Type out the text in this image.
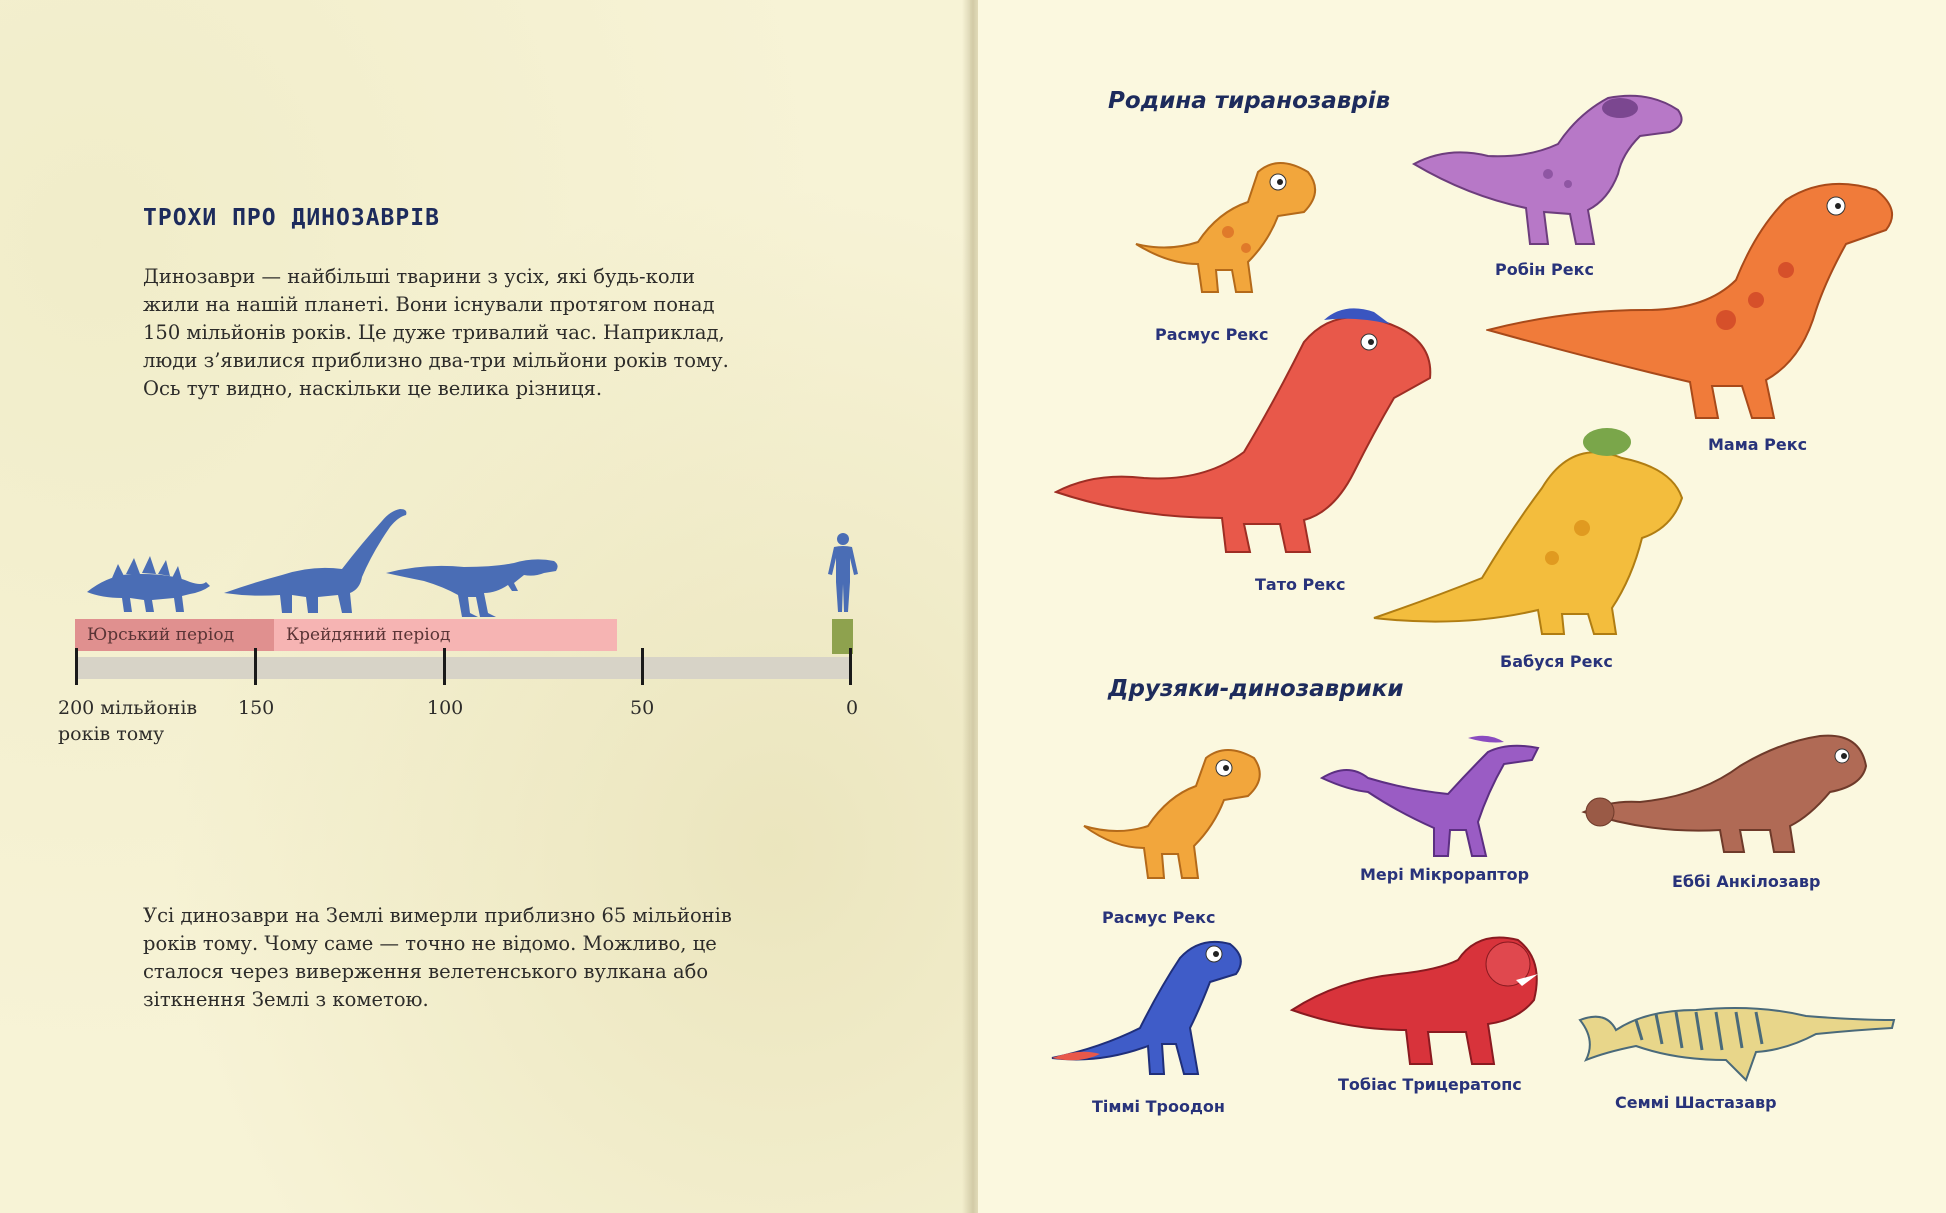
ТРОХИ ПРО ДИНОЗАВРІВ
Динозаври — найбільші тварини з усіх, які будь-коли
жили на нашій планеті. Вони існували протягом понад
150 мільйонів років. Це дуже тривалий час. Наприклад,
люди з’явилися приблизно два-три мільйони років тому.
Ось тут видно, наскільки це велика різниця.
Юрський період	Крейдяний період
200 мільйонів
років тому
150	100	50	0
Усі динозаври на Землі вимерли приблизно 65 мільйонів
років тому. Чому саме — точно не відомо. Можливо, це
сталося через виверження велетенського вулкана або
зіткнення Землі з кометою.
Родина тиранозаврів
Друзяки-динозаврики
Расмус Рекс
Робін Рекс
Мама Рекс
Тато Рекс
Бабуся Рекс
Расмус Рекс
Мері Мікрораптор	Еббі Анкілозавр
Тіммі Троодон
Тобіас Трицератопс
Семмі Шастазавр
